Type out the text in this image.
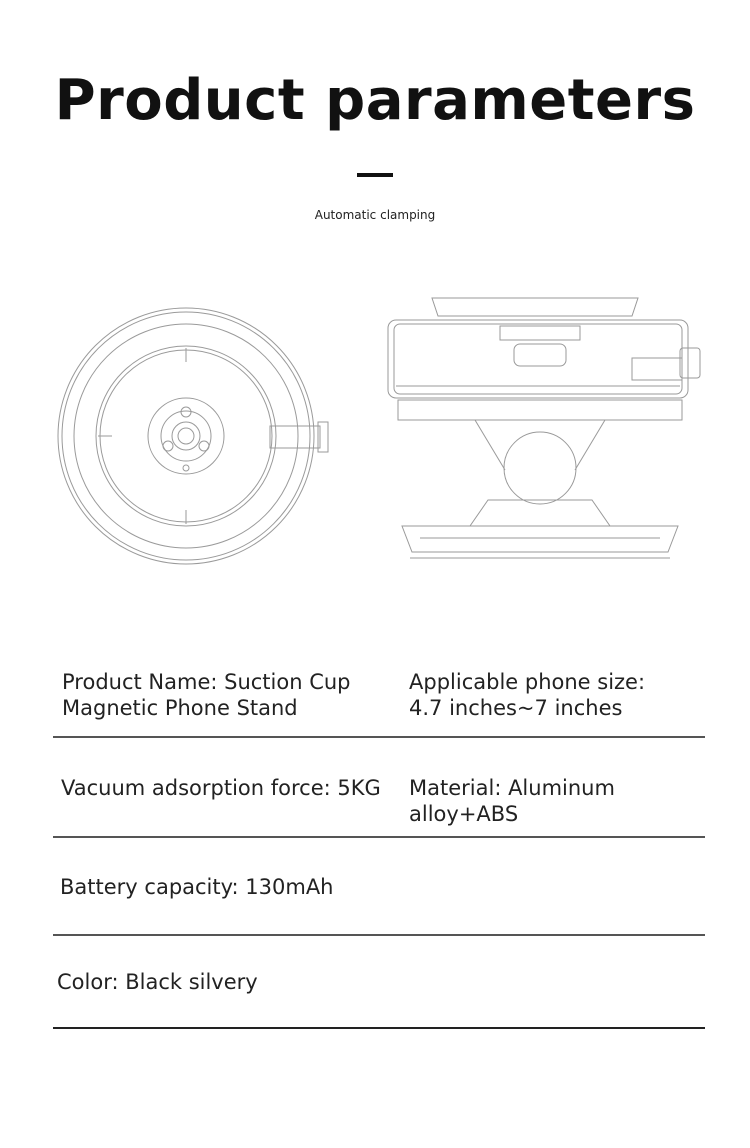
Product parameters
Automatic clamping
Product Name: Suction Cup
Magnetic Phone Stand
Applicable phone size:
4.7 inches~7 inches
Vacuum adsorption force: 5KG Material: Aluminum
alloy+ABS
Battery capacity: 130mAh
Color: Black silvery
